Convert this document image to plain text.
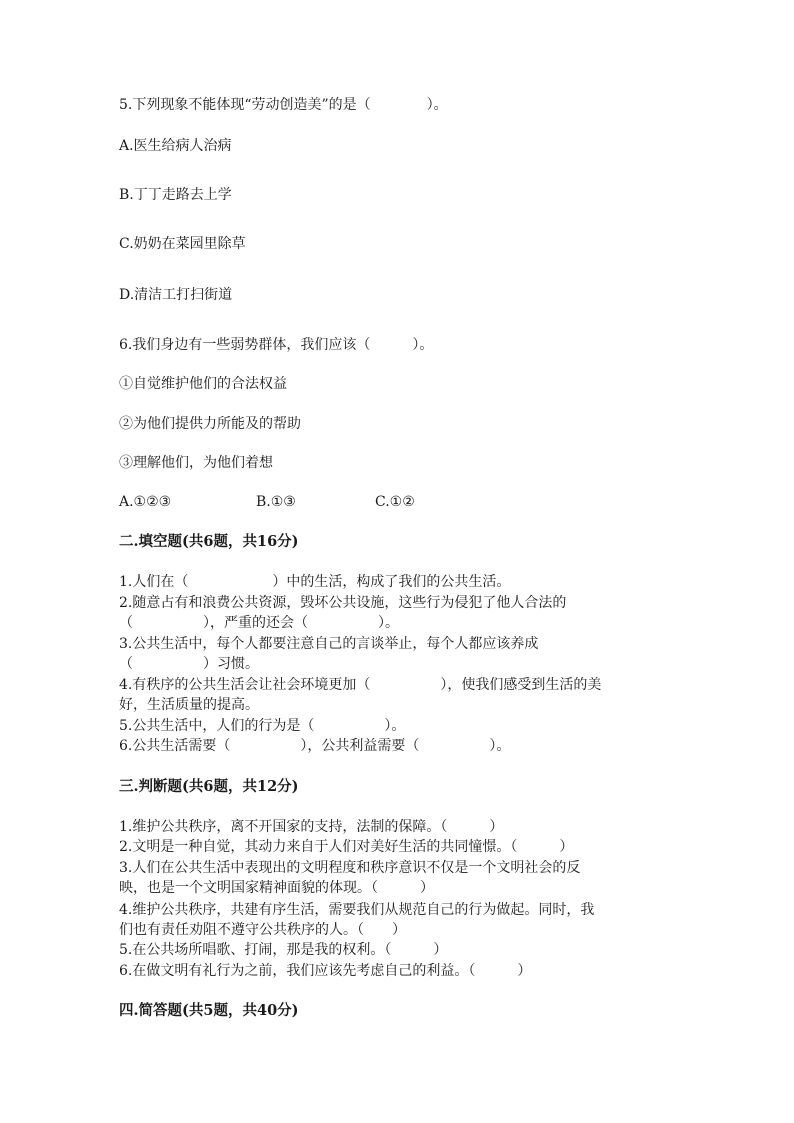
5.下列现象不能体现“劳动创造美”的是（　　　　）。
A.医生给病人治病
B.丁丁走路去上学
C.奶奶在菜园里除草
D.清洁工打扫街道
6.我们身边有一些弱势群体，我们应该（　　　）。
①自觉维护他们的合法权益
②为他们提供力所能及的帮助
③理解他们，为他们着想
A.①②③	B.①③	C.①②
二.填空题(共6题，共16分)
1.人们在（　　　　　　）中的生活，构成了我们的公共生活。
2.随意占有和浪费公共资源，毁坏公共设施，这些行为侵犯了他人合法的
（　　　　　），严重的还会（　　　　　）。
3.公共生活中，每个人都要注意自己的言谈举止，每个人都应该养成
（　　　　　）习惯。
4.有秩序的公共生活会让社会环境更加（　　　　　），使我们感受到生活的美
好，生活质量的提高。
5.公共生活中，人们的行为是（　　　　　）。
6.公共生活需要（　　　　　），公共利益需要（　　　　　）。
三.判断题(共6题，共12分)
1.维护公共秩序，离不开国家的支持，法制的保障。（　　　）
2.文明是一种自觉，其动力来自于人们对美好生活的共同憧憬。（　　　）
3.人们在公共生活中表现出的文明程度和秩序意识不仅是一个文明社会的反
映，也是一个文明国家精神面貌的体现。（　　　）
4.维护公共秩序，共建有序生活，需要我们从规范自己的行为做起。同时，我
们也有责任劝阻不遵守公共秩序的人。（　　）
5.在公共场所唱歌、打闹，那是我的权利。（　　　）
6.在做文明有礼行为之前，我们应该先考虑自己的利益。（　　　）
四.简答题(共5题，共40分)
